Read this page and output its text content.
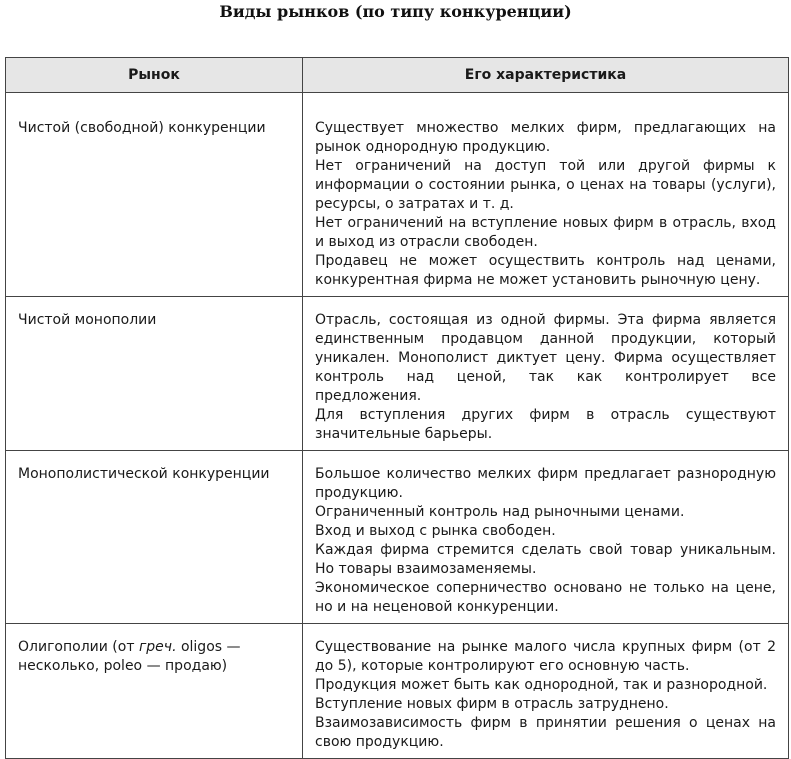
Виды рынков (по типу конкуренции)
Рынок	Его характеристика
Чистой (свободной) конкуренции	Существует множество мелких фирм, предлагающих на рынок однородную продукцию.
Нет ограничений на доступ той или другой фирмы к информации о состоянии рынка, о ценах на товары (услуги), ресурсы, о затратах и т. д.
Нет ограничений на вступление новых фирм в отрасль, вход и выход из отрасли свободен.
Продавец не может осуществить контроль над ценами, конкурентная фирма не может установить рыночную цену.

Чистой монополии	Отрасль, состоящая из одной фирмы. Эта фирма является единственным продавцом данной продукции, который уникален. Монополист диктует цену. Фирма осуществляет контроль над ценой, так как контролирует все предложения.
Для вступления других фирм в отрасль существуют значительные барьеры.

Монополистической конкуренции	Большое количество мелких фирм предлагает разнородную продукцию.
Ограниченный контроль над рыночными ценами.
Вход и выход с рынка свободен.
Каждая фирма стремится сделать свой товар уникальным. Но товары взаимозаменяемы.
Экономическое соперничество основано не только на цене, но и на неценовой конкуренции.

Олигополии (от греч. oligos — несколько, poleo — продаю)	Существование на рынке малого числа крупных фирм (от 2 до 5), которые контролируют его основную часть.
Продукция может быть как однородной, так и разнородной.
Вступление новых фирм в отрасль затруднено.
Взаимозависимость фирм в принятии решения о ценах на свою продукцию.
